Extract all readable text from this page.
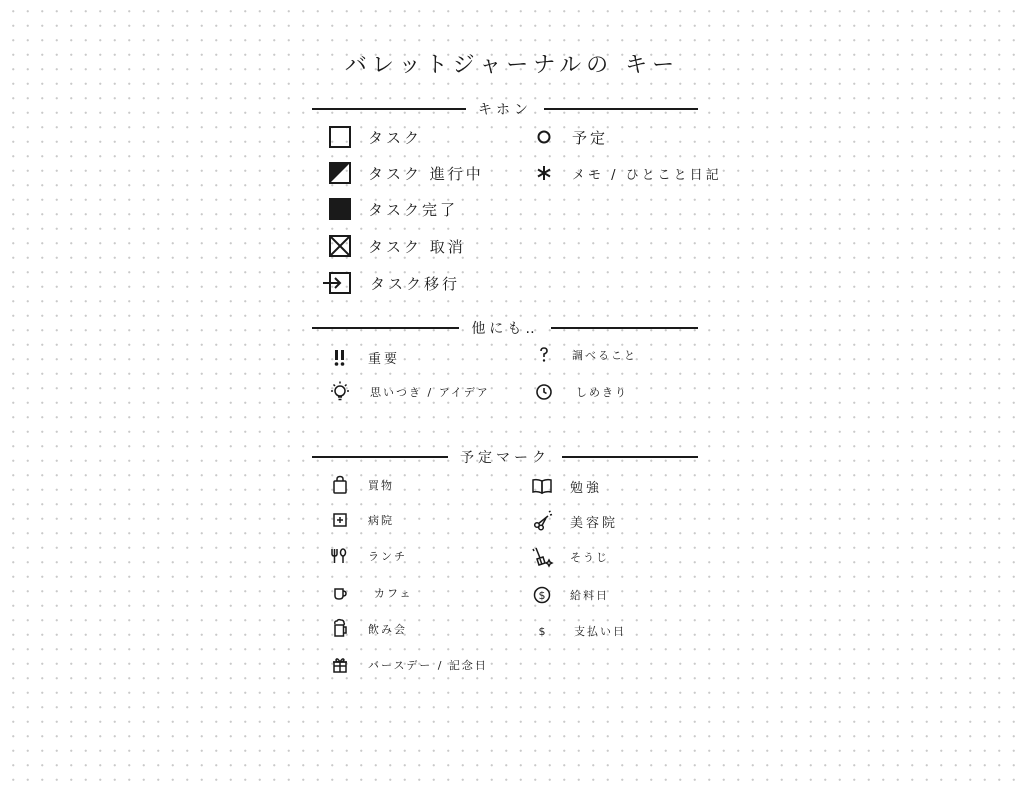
バレットジャーナルの キー
キホン
タスク
タスク 進行中
タスク完了
タスク 取消
タスク移行
予定
メモ / ひとこと日記
他にも‥
重要
思いつき / アイデア
調べること
しめきり
予定マーク
買物
病院
ランチ
カフェ
飲み会
バースデー / 記念日
勉強
美容院
そうじ
$ 給料日
$	支払い日
